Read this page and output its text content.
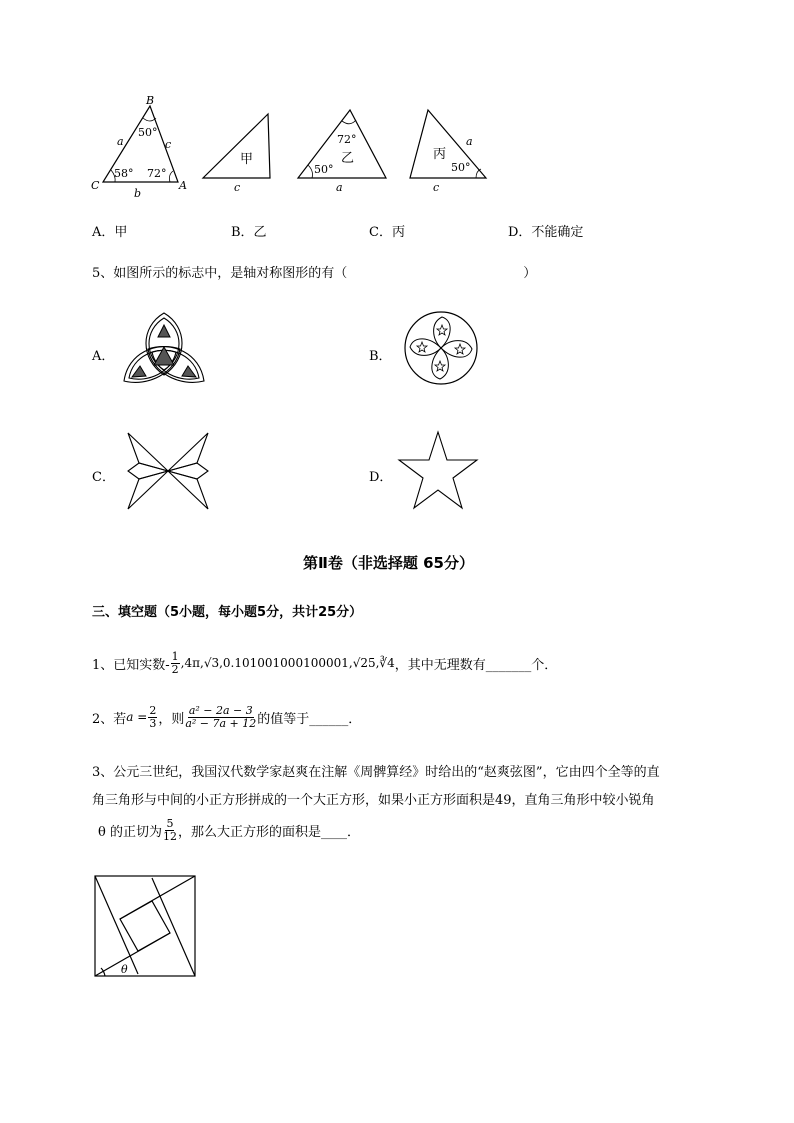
B
C	A
a	c
b
50°
58° 72°
甲
c
72°
乙
50°
a
丙
a
50°
c
A．甲	B．乙	C．丙	D．不能确定
5、如图所示的标志中，是轴对称图形的有（	）
A．	B．
C．	D．
第Ⅱ卷（非选择题 65分）
三、填空题（5小题，每小题5分，共计25分）
1、已知实数- $\frac{1}{2}$ ,4π,√3,0.101001000100001,√25,∛4 ，其中无理数有_______个．
2、若 $a = \frac{2}{3}$ ，则 $\frac{\text{a² − 2a − 3}}{\text{a² − 7a + 12}}$ 的值等于______．
3、公元三世纪，我国汉代数学家赵爽在注解《周髀算经》时给出的“赵爽弦图”，它由四个全等的直
角三角形与中间的小正方形拼成的一个大正方形，如果小正方形面积是49，直角三角形中较小锐角
θ 的正切为 $\frac{5}{12}$ ，那么大正方形的面积是____．
θ
